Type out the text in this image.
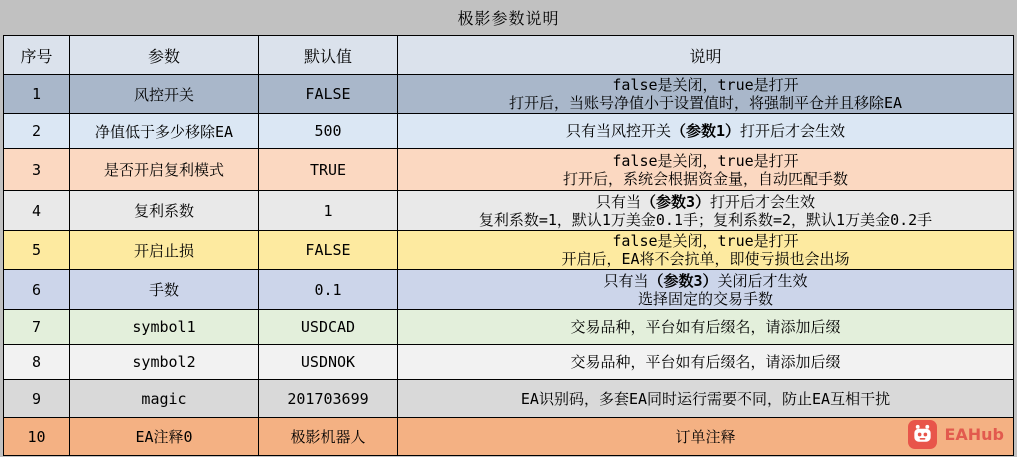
极影参数说明
序号	参数	默认值	说明
1	风控开关	FALSE	false是关闭，true是打开
打开后，当账号净值小于设置值时，将强制平仓并且移除EA

2	净值低于多少移除EA	500	只有当风控开关（参数1）打开后才会生效

3	是否开启复利模式	TRUE	false是关闭，true是打开
打开后，系统会根据资金量，自动匹配手数

4	复利系数	1	只有当（参数3）打开后才会生效
复利系数=1，默认1万美金0.1手；复利系数=2，默认1万美金0.2手

5	开启止损	FALSE	false是关闭，true是打开
开启后，EA将不会抗单，即使亏损也会出场

6	手数	0.1	只有当（参数3）关闭后才生效
选择固定的交易手数

7	symbol1	USDCAD	交易品种，平台如有后缀名，请添加后缀

8	symbol2	USDNOK	交易品种，平台如有后缀名，请添加后缀

9	magic	201703699	EA识别码，多套EA同时运行需要不同，防止EA互相干扰

10	EA注释0	极影机器人	订单注释	EAHub
